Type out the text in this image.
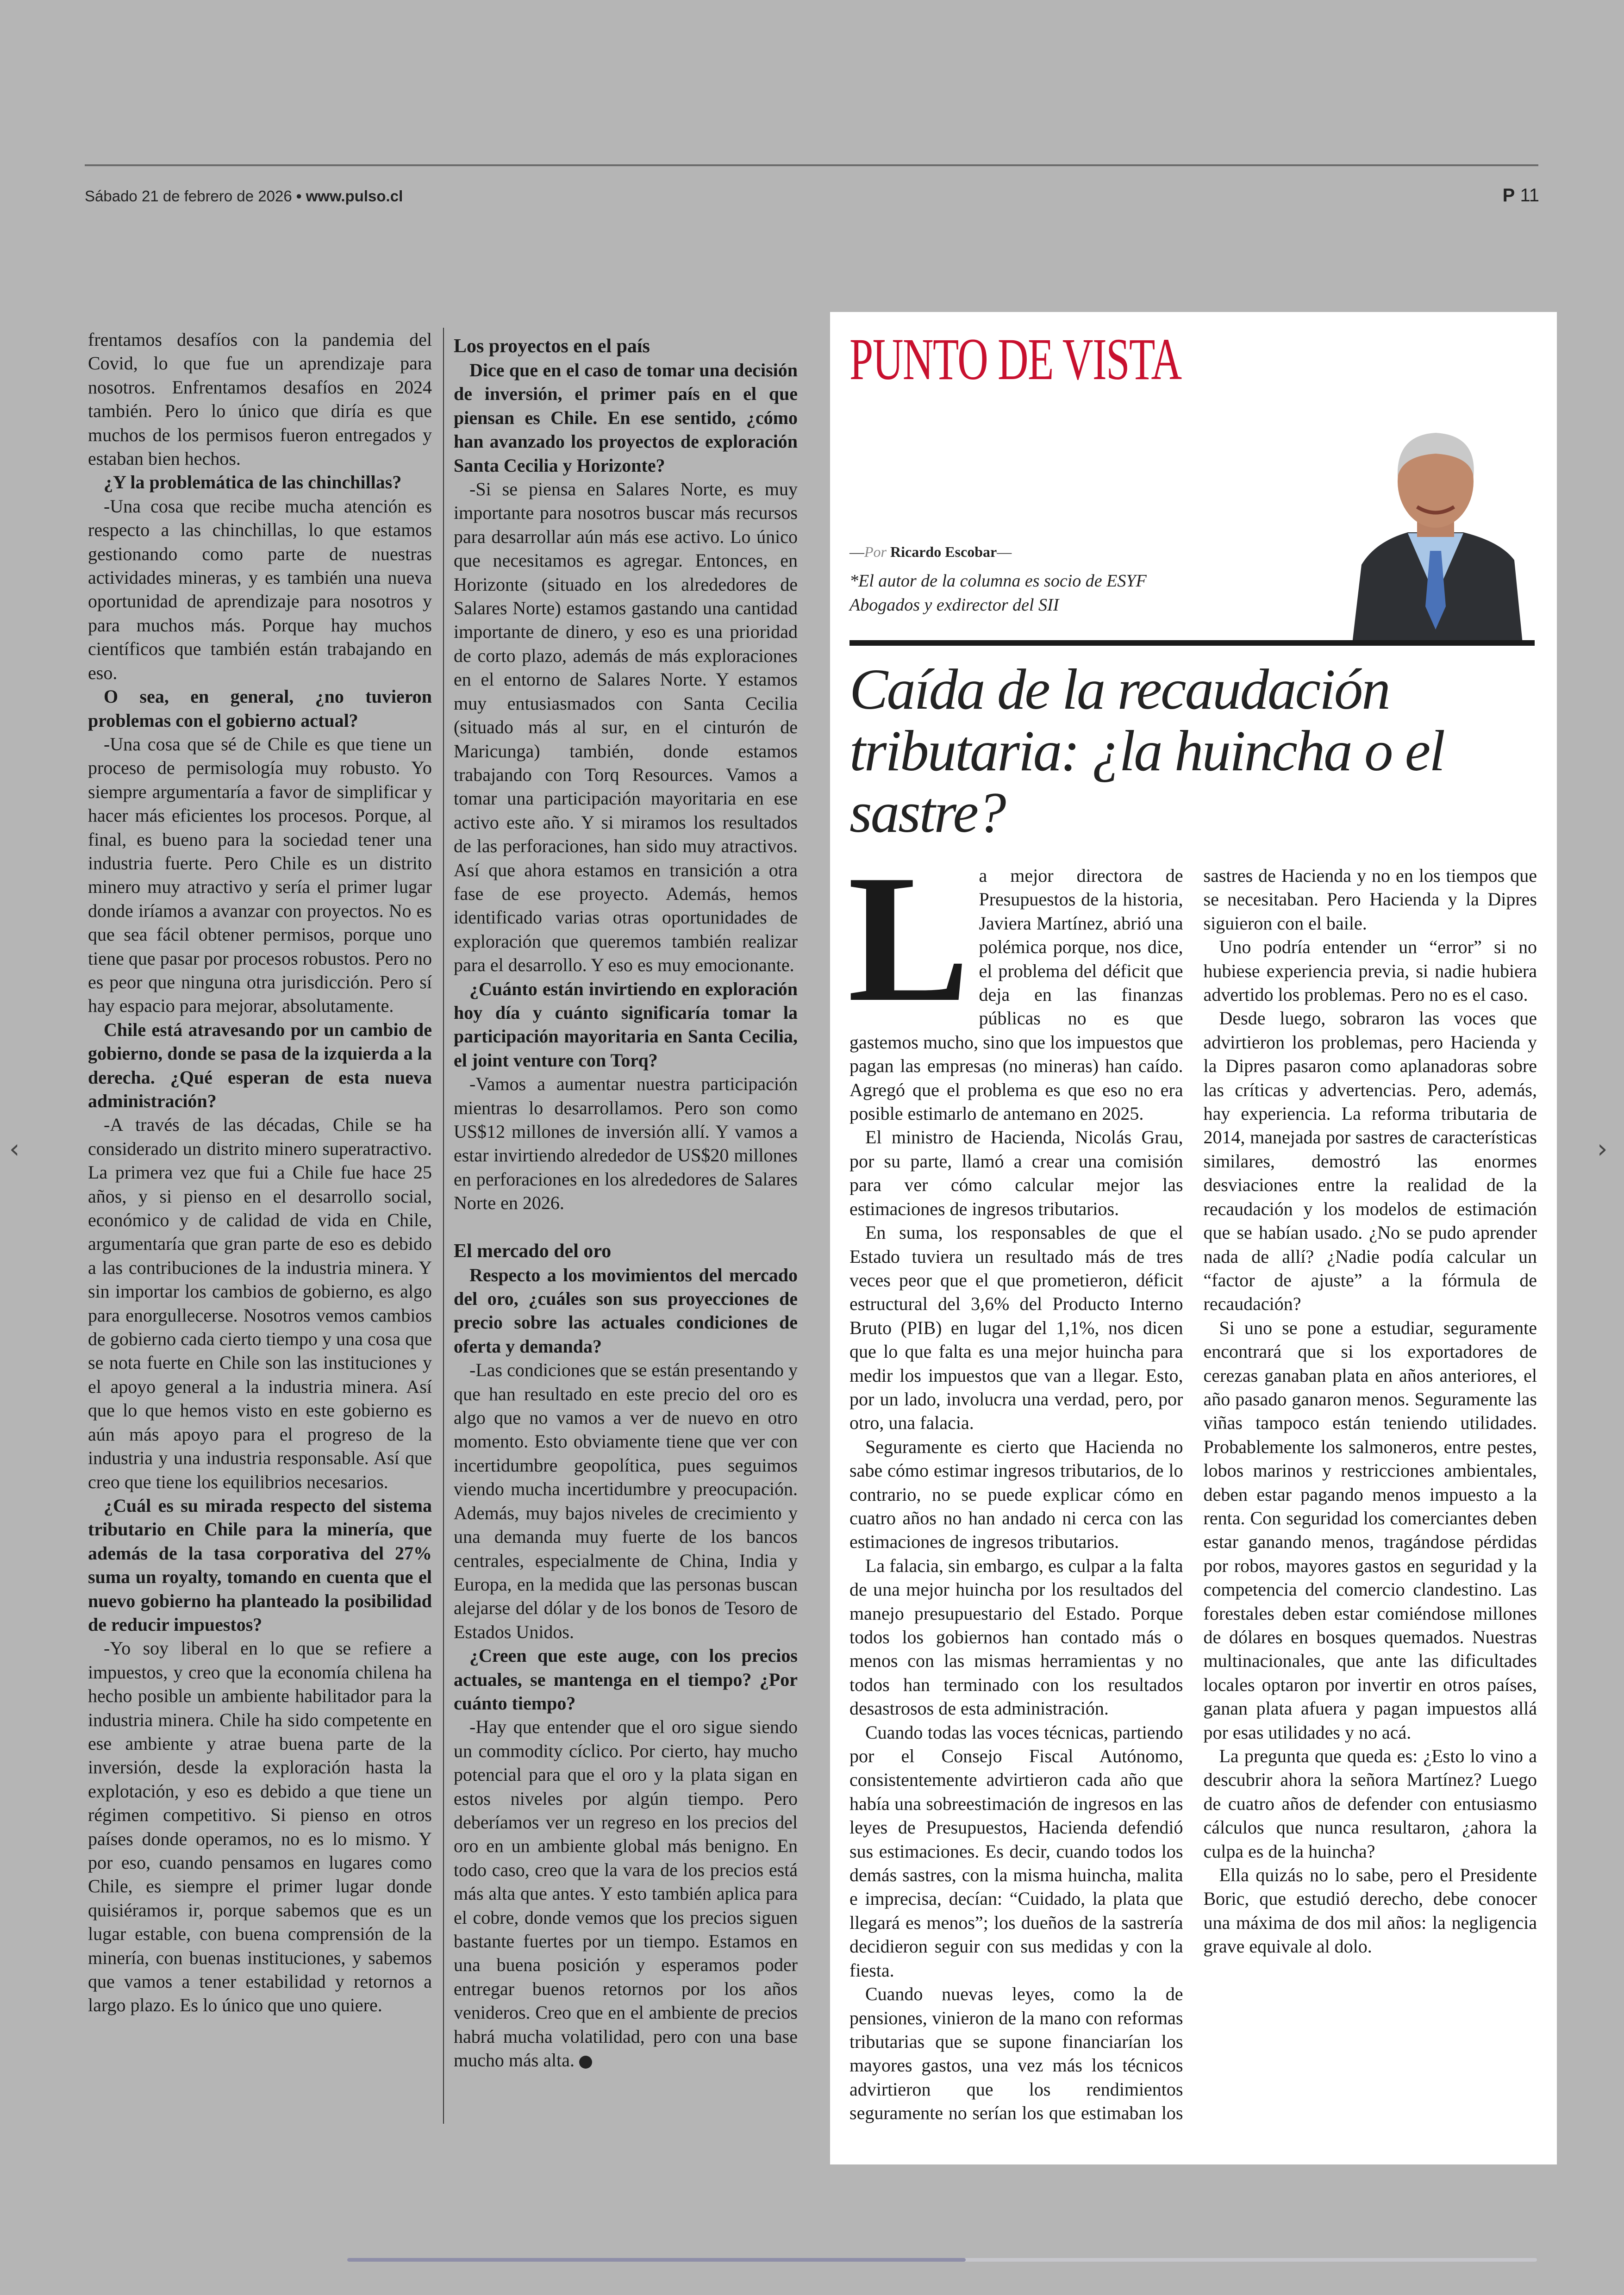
Sábado 21 de febrero de 2026 • www.pulso.cl	P 11

frentamos desafíos con la pandemia del Covid, lo que fue un aprendizaje para nosotros. Enfrentamos desafíos en 2024 también. Pero lo único que diría es que muchos de los permisos fueron entregados y estaban bien hechos.

¿Y la problemática de las chinchillas?

-Una cosa que recibe mucha atención es respecto a las chinchillas, lo que estamos gestionando como parte de nuestras actividades mineras, y es también una nueva oportunidad de aprendizaje para nosotros y para muchos más. Porque hay muchos científicos que también están trabajando en eso.

O sea, en general, ¿no tuvieron problemas con el gobierno actual?

-Una cosa que sé de Chile es que tiene un proceso de permisología muy robusto. Yo siempre argumentaría a favor de simplificar y hacer más eficientes los procesos. Porque, al final, es bueno para la sociedad tener una industria fuerte. Pero Chile es un distrito minero muy atractivo y sería el primer lugar donde iríamos a avanzar con proyectos. No es que sea fácil obtener permisos, porque uno tiene que pasar por procesos robustos. Pero no es peor que ninguna otra jurisdicción. Pero sí hay espacio para mejorar, absolutamente.

Chile está atravesando por un cambio de gobierno, donde se pasa de la izquierda a la derecha. ¿Qué esperan de esta nueva administración?

-A través de las décadas, Chile se ha considerado un distrito minero superatractivo. La primera vez que fui a Chile fue hace 25 años, y si pienso en el desarrollo social, económico y de calidad de vida en Chile, argumentaría que gran parte de eso es debido a las contribuciones de la industria minera. Y sin importar los cambios de gobierno, es algo para enorgullecerse. Nosotros vemos cambios de gobierno cada cierto tiempo y una cosa que se nota fuerte en Chile son las instituciones y el apoyo general a la industria minera. Así que lo que hemos visto en este gobierno es aún más apoyo para el progreso de la industria y una industria responsable. Así que creo que tiene los equilibrios necesarios.

¿Cuál es su mirada respecto del sistema tributario en Chile para la minería, que además de la tasa corporativa del 27% suma un royalty, tomando en cuenta que el nuevo gobierno ha planteado la posibilidad de reducir impuestos?

-Yo soy liberal en lo que se refiere a impuestos, y creo que la economía chilena ha hecho posible un ambiente habilitador para la industria minera. Chile ha sido competente en ese ambiente y atrae buena parte de la inversión, desde la exploración hasta la explotación, y eso es debido a que tiene un régimen competitivo. Si pienso en otros países donde operamos, no es lo mismo. Y por eso, cuando pensamos en lugares como Chile, es siempre el primer lugar donde quisiéramos ir, porque sabemos que es un lugar estable, con buena comprensión de la minería, con buenas instituciones, y sabemos que vamos a tener estabilidad y retornos a largo plazo. Es lo único que uno quiere.

Los proyectos en el país

Dice que en el caso de tomar una decisión de inversión, el primer país en el que piensan es Chile. En ese sentido, ¿cómo han avanzado los proyectos de exploración Santa Cecilia y Horizonte?

-Si se piensa en Salares Norte, es muy importante para nosotros buscar más recursos para desarrollar aún más ese activo. Lo único que necesitamos es agregar. Entonces, en Horizonte (situado en los alrededores de Salares Norte) estamos gastando una cantidad importante de dinero, y eso es una prioridad de corto plazo, además de más exploraciones en el entorno de Salares Norte. Y estamos muy entusiasmados con Santa Cecilia (situado más al sur, en el cinturón de Maricunga) también, donde estamos trabajando con Torq Resources. Vamos a tomar una participación mayoritaria en ese activo este año. Y si miramos los resultados de las perforaciones, han sido muy atractivos. Así que ahora estamos en transición a otra fase de ese proyecto. Además, hemos identificado varias otras oportunidades de exploración que queremos también realizar para el desarrollo. Y eso es muy emocionante.

¿Cuánto están invirtiendo en exploración hoy día y cuánto significaría tomar la participación mayoritaria en Santa Cecilia, el joint venture con Torq?

-Vamos a aumentar nuestra participación mientras lo desarrollamos. Pero son como US$12 millones de inversión allí. Y vamos a estar invirtiendo alrededor de US$20 millones en perforaciones en los alrededores de Salares Norte en 2026.

El mercado del oro

Respecto a los movimientos del mercado del oro, ¿cuáles son sus proyecciones de precio sobre las actuales condiciones de oferta y demanda?

-Las condiciones que se están presentando y que han resultado en este precio del oro es algo que no vamos a ver de nuevo en otro momento. Esto obviamente tiene que ver con incertidumbre geopolítica, pues seguimos viendo mucha incertidumbre y preocupación. Además, muy bajos niveles de crecimiento y una demanda muy fuerte de los bancos centrales, especialmente de China, India y Europa, en la medida que las personas buscan alejarse del dólar y de los bonos de Tesoro de Estados Unidos.

¿Creen que este auge, con los precios actuales, se mantenga en el tiempo? ¿Por cuánto tiempo?

-Hay que entender que el oro sigue siendo un commodity cíclico. Por cierto, hay mucho potencial para que el oro y la plata sigan en estos niveles por algún tiempo. Pero deberíamos ver un regreso en los precios del oro en un ambiente global más benigno. En todo caso, creo que la vara de los precios está más alta que antes. Y esto también aplica para el cobre, donde vemos que los precios siguen bastante fuertes por un tiempo. Estamos en una buena posición y esperamos poder entregar buenos retornos por los años venideros. Creo que en el ambiente de precios habrá mucha volatilidad, pero con una base mucho más alta.

PUNTO DE VISTA
—Por Ricardo Escobar—
*El autor de la columna es socio de ESYF
Abogados y exdirector del SII
Caída de la recaudación tributaria: ¿la huincha o el sastre?

La mejor directora de Presupuestos de la historia, Javiera Martínez, abrió una polémica porque, nos dice, el problema del déficit que deja en las finanzas públicas no es que gastemos mucho, sino que los impuestos que pagan las empresas (no mineras) han caído. Agregó que el problema es que eso no era posible estimarlo de antemano en 2025.

El ministro de Hacienda, Nicolás Grau, por su parte, llamó a crear una comisión para ver cómo calcular mejor las estimaciones de ingresos tributarios.

En suma, los responsables de que el Estado tuviera un resultado más de tres veces peor que el que prometieron, déficit estructural del 3,6% del Producto Interno Bruto (PIB) en lugar del 1,1%, nos dicen que lo que falta es una mejor huincha para medir los impuestos que van a llegar. Esto, por un lado, involucra una verdad, pero, por otro, una falacia.

Seguramente es cierto que Hacienda no sabe cómo estimar ingresos tributarios, de lo contrario, no se puede explicar cómo en cuatro años no han andado ni cerca con las estimaciones de ingresos tributarios.

La falacia, sin embargo, es culpar a la falta de una mejor huincha por los resultados del manejo presupuestario del Estado. Porque todos los gobiernos han contado más o menos con las mismas herramientas y no todos han terminado con los resultados desastrosos de esta administración.

Cuando todas las voces técnicas, partiendo por el Consejo Fiscal Autónomo, consistentemente advirtieron cada año que había una sobreestimación de ingresos en las leyes de Presupuestos, Hacienda defendió sus estimaciones. Es decir, cuando todos los demás sastres, con la misma huincha, malita e imprecisa, decían: “Cuidado, la plata que llegará es menos”; los dueños de la sastrería decidieron seguir con sus medidas y con la fiesta.

Cuando nuevas leyes, como la de pensiones, vinieron de la mano con reformas tributarias que se supone financiarían los mayores gastos, una vez más los técnicos advirtieron que los rendimientos seguramente no serían los que estimaban los sastres de Hacienda y no en los tiempos que se necesitaban. Pero Hacienda y la Dipres siguieron con el baile.

Uno podría entender un “error” si no hubiese experiencia previa, si nadie hubiera advertido los problemas. Pero no es el caso.

Desde luego, sobraron las voces que advirtieron los problemas, pero Hacienda y la Dipres pasaron como aplanadoras sobre las críticas y advertencias. Pero, además, hay experiencia. La reforma tributaria de 2014, manejada por sastres de características similares, demostró las enormes desviaciones entre la realidad de la recaudación y los modelos de estimación que se habían usado. ¿No se pudo aprender nada de allí? ¿Nadie podía calcular un “factor de ajuste” a la fórmula de recaudación?

Si uno se pone a estudiar, seguramente encontrará que si los exportadores de cerezas ganaban plata en años anteriores, el año pasado ganaron menos. Seguramente las viñas tampoco están teniendo utilidades. Probablemente los salmoneros, entre pestes, lobos marinos y restricciones ambientales, deben estar pagando menos impuesto a la renta. Con seguridad los comerciantes deben estar ganando menos, tragándose pérdidas por robos, mayores gastos en seguridad y la competencia del comercio clandestino. Las forestales deben estar comiéndose millones de dólares en bosques quemados. Nuestras multinacionales, que ante las dificultades locales optaron por invertir en otros países, ganan plata afuera y pagan impuestos allá por esas utilidades y no acá.

La pregunta que queda es: ¿Esto lo vino a descubrir ahora la señora Martínez? Luego de cuatro años de defender con entusiasmo cálculos que nunca resultaron, ¿ahora la culpa es de la huincha?

Ella quizás no lo sabe, pero el Presidente Boric, que estudió derecho, debe conocer una máxima de dos mil años: la negligencia grave equivale al dolo.

‹	›
